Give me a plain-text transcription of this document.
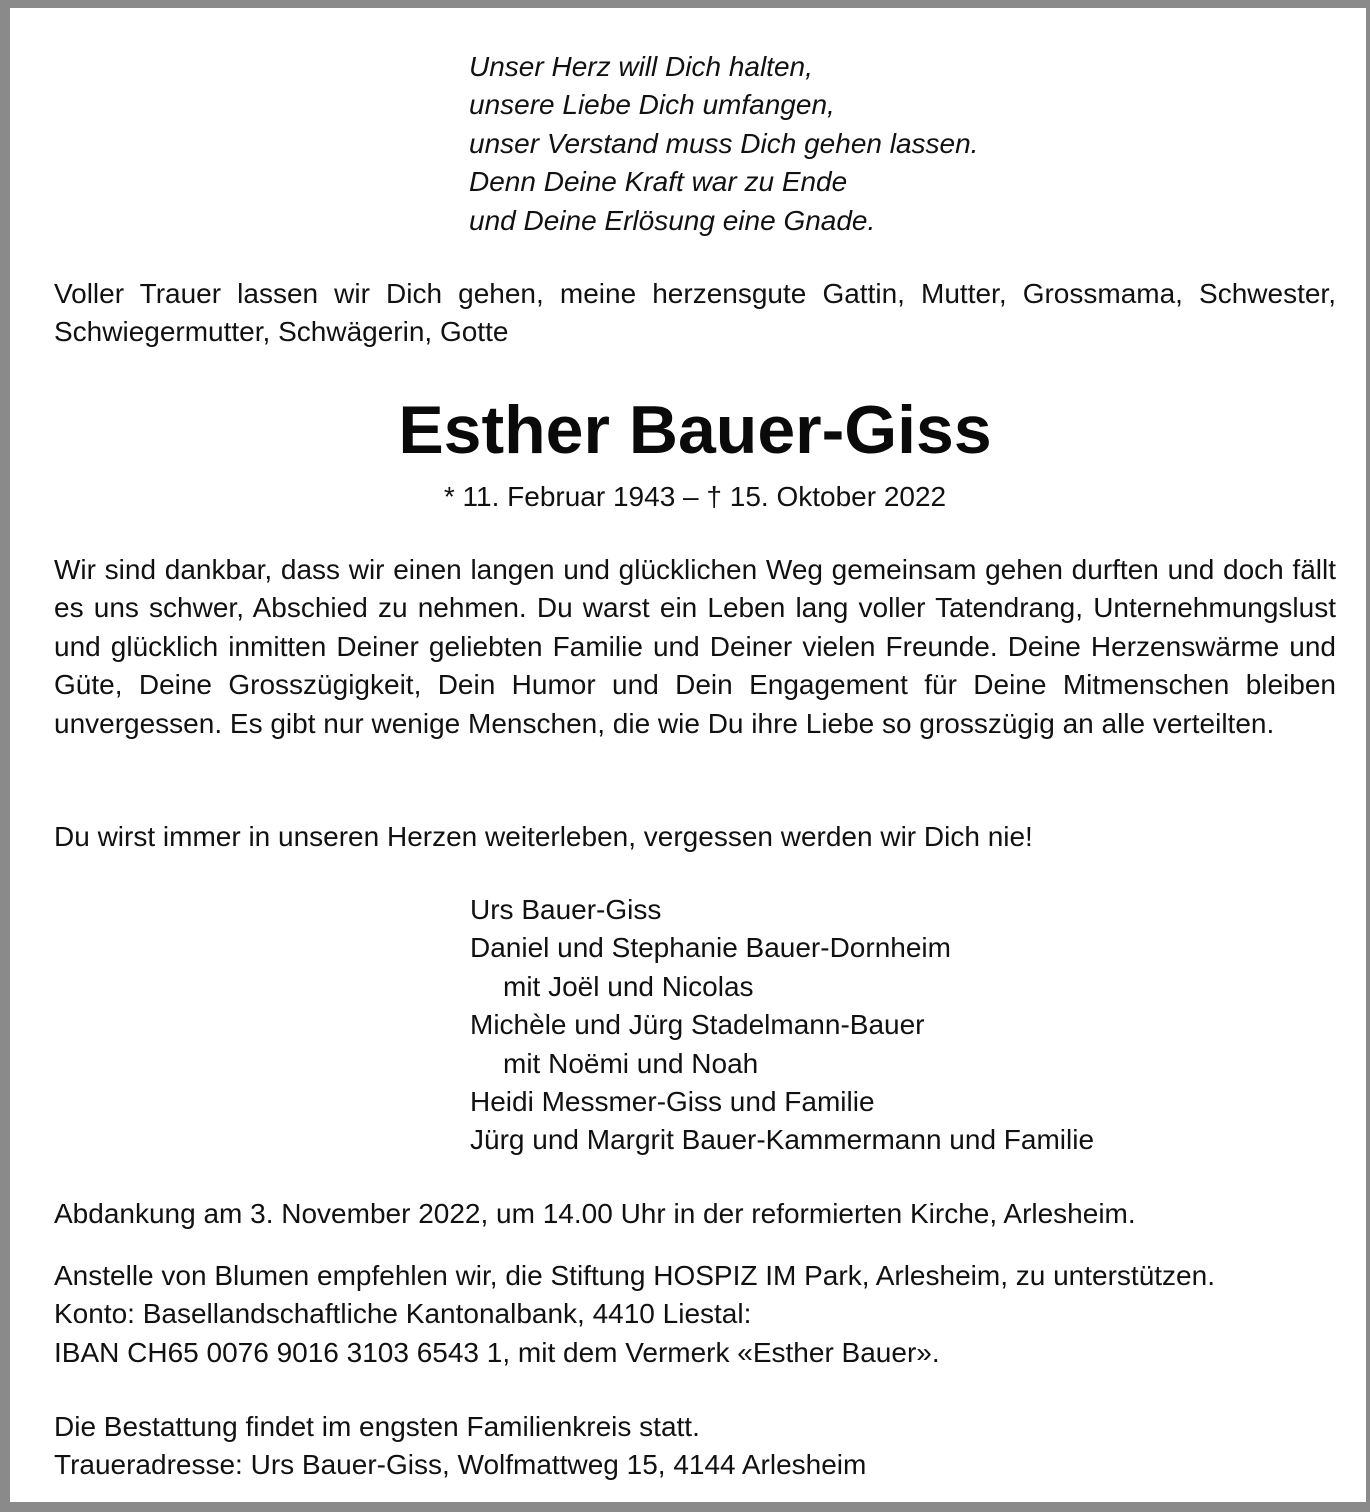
Unser Herz will Dich halten,
unsere Liebe Dich umfangen,
unser Verstand muss Dich gehen lassen.
Denn Deine Kraft war zu Ende
und Deine Erlösung eine Gnade.
Voller Trauer lassen wir Dich gehen, meine herzensgute Gattin, Mutter, Grossmama, Schwester, Schwiegermutter, Schwägerin, Gotte
Esther Bauer-Giss
* 11. Februar 1943 – † 15. Oktober 2022
Wir sind dankbar, dass wir einen langen und glücklichen Weg gemeinsam gehen durften und doch fällt es uns schwer, Abschied zu nehmen. Du warst ein Leben lang voller Tatendrang, Unternehmungslust und glücklich inmitten Deiner geliebten Familie und Deiner vielen Freunde. Deine Herzenswärme und Güte, Deine Grosszügigkeit, Dein Humor und Dein Engagement für Deine Mitmenschen bleiben unvergessen. Es gibt nur wenige Menschen, die wie Du ihre Liebe so grosszügig an alle verteilten.
Du wirst immer in unseren Herzen weiterleben, vergessen werden wir Dich nie!
Urs Bauer-Giss
Daniel und Stephanie Bauer-Dornheim
mit Joël und Nicolas
Michèle und Jürg Stadelmann-Bauer
mit Noëmi und Noah
Heidi Messmer-Giss und Familie
Jürg und Margrit Bauer-Kammermann und Familie
Abdankung am 3. November 2022, um 14.00 Uhr in der reformierten Kirche, Arlesheim.
Anstelle von Blumen empfehlen wir, die Stiftung HOSPIZ IM Park, Arlesheim, zu unterstützen.
Konto: Basellandschaftliche Kantonalbank, 4410 Liestal:
IBAN CH65 0076 9016 3103 6543 1, mit dem Vermerk «Esther Bauer».
Die Bestattung findet im engsten Familienkreis statt.
Traueradresse: Urs Bauer-Giss, Wolfmattweg 15, 4144 Arlesheim
